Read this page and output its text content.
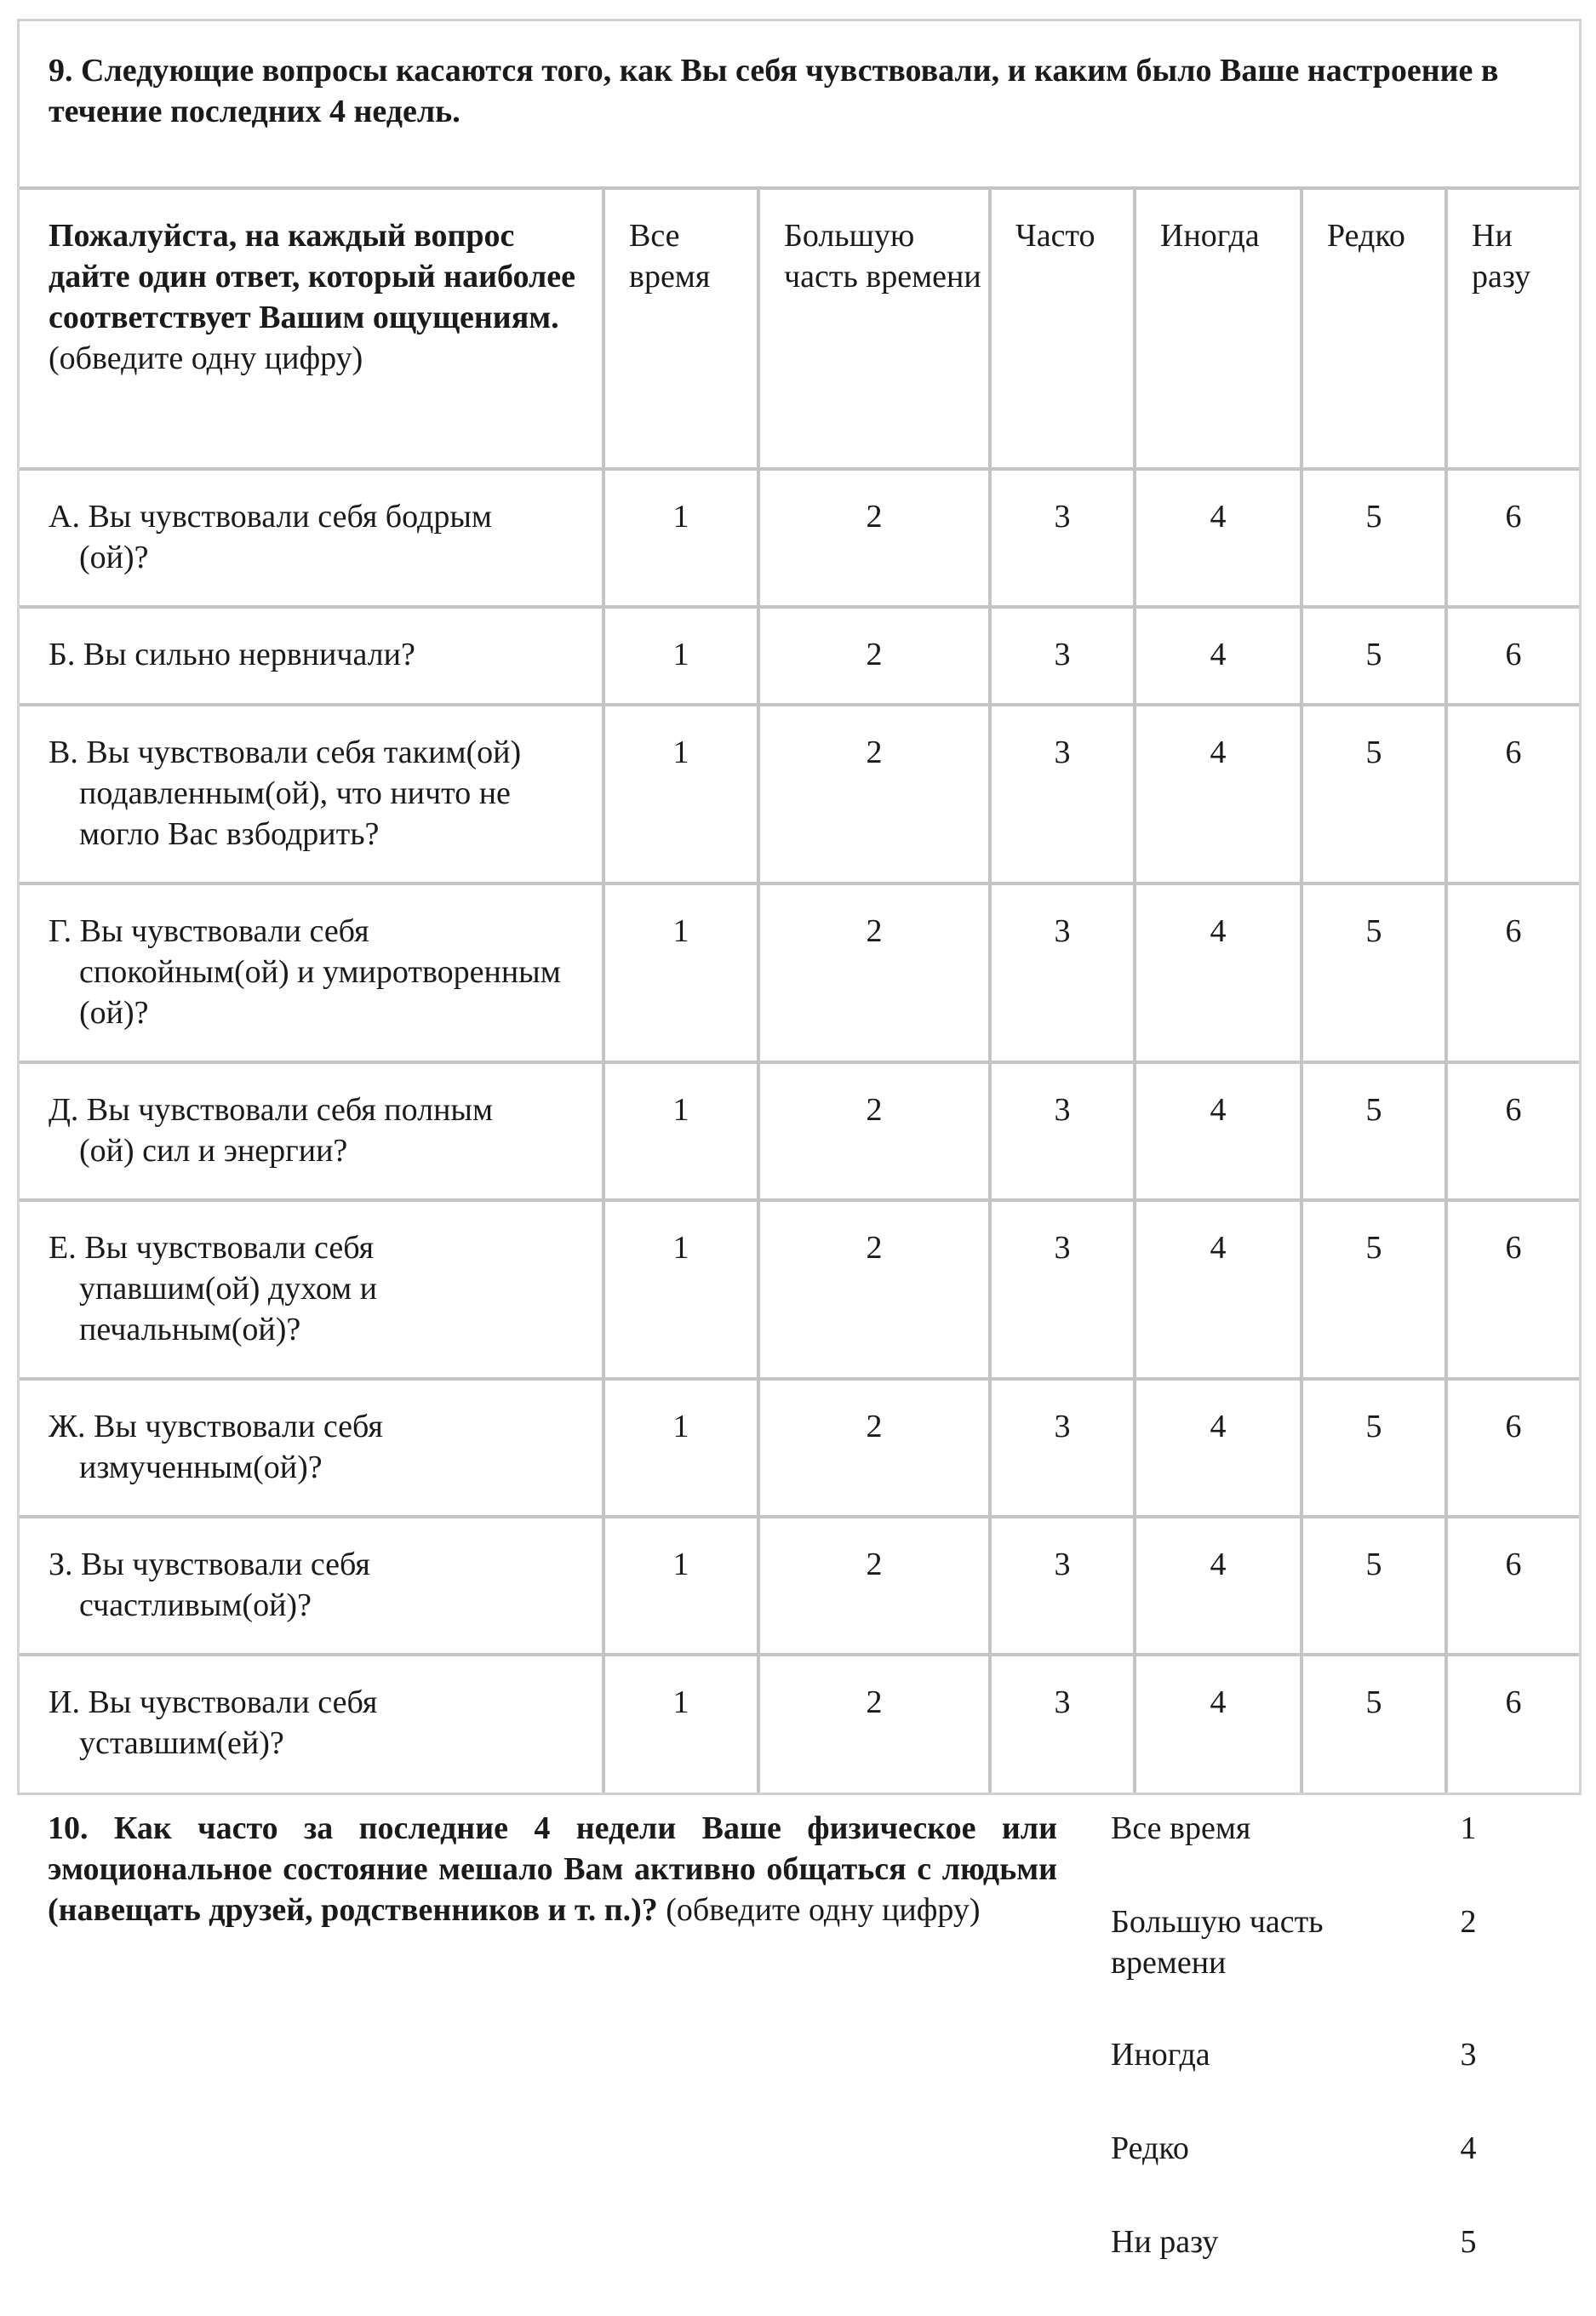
9. Следующие вопросы касаются того, как Вы себя чувствовали, и каким было Ваше настроение в течение последних 4 недель.						
Пожалуйста, на каждый вопрос дайте один ответ, который наиболее соответствует Вашим ощущениям. (обведите одну цифру)	Все время	Большую часть времени	Часто	Иногда	Редко	Ни разу
А. Вы чувствовали себя бодрым
(ой)?	1	2	3	4	5	6
Б. Вы сильно нервничали?	1	2	3	4	5	6
В. Вы чувствовали себя таким(ой)
подавленным(ой), что ничто не могло Вас взбодрить?	1	2	3	4	5	6
Г. Вы чувствовали себя
спокойным(ой) и умиротворенным (ой)?	1	2	3	4	5	6
Д. Вы чувствовали себя полным
(ой) сил и энергии?	1	2	3	4	5	6
Е. Вы чувствовали себя
упавшим(ой) духом и печальным(ой)?	1	2	3	4	5	6
Ж. Вы чувствовали себя
измученным(ой)?	1	2	3	4	5	6
З. Вы чувствовали себя
счастливым(ой)?	1	2	3	4	5	6
И. Вы чувствовали себя
уставшим(ей)?	1	2	3	4	5	6
10. Как часто за последние 4 недели Ваше физическое или эмоциональное состояние мешало Вам активно общаться с людьми (навещать друзей, родственников и т. п.)? (обведите одну цифру)
Все время	1
Большую часть времени
2
Иногда	3
Редко	4
Ни разу	5
